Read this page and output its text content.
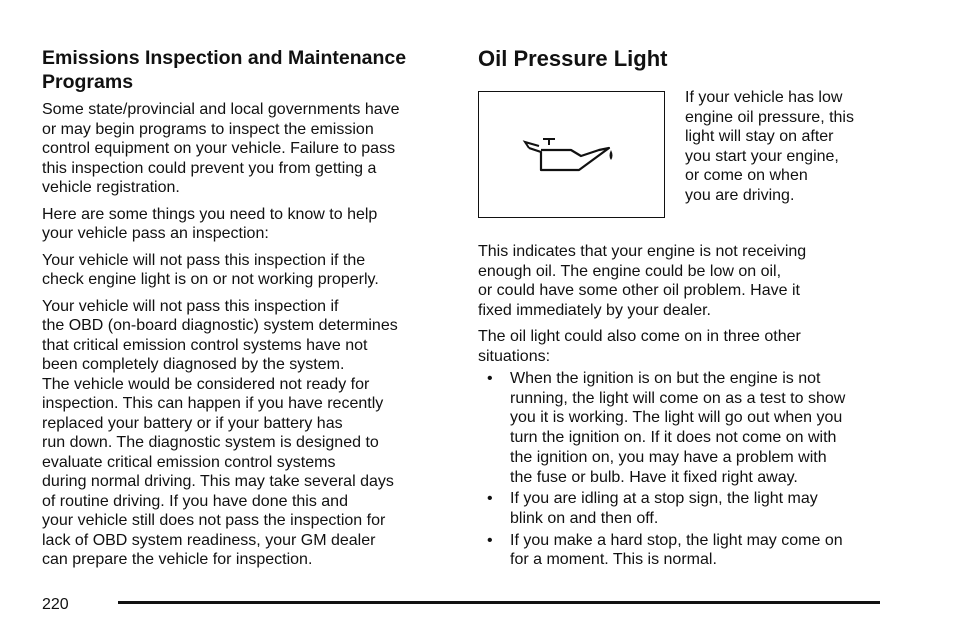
Emissions Inspection and Maintenance
Programs

Some state/provincial and local governments have
or may begin programs to inspect the emission
control equipment on your vehicle. Failure to pass
this inspection could prevent you from getting a
vehicle registration.

Here are some things you need to know to help
your vehicle pass an inspection:

Your vehicle will not pass this inspection if the
check engine light is on or not working properly.

Your vehicle will not pass this inspection if
the OBD (on-board diagnostic) system determines
that critical emission control systems have not
been completely diagnosed by the system.
The vehicle would be considered not ready for
inspection. This can happen if you have recently
replaced your battery or if your battery has
run down. The diagnostic system is designed to
evaluate critical emission control systems
during normal driving. This may take several days
of routine driving. If you have done this and
your vehicle still does not pass the inspection for
lack of OBD system readiness, your GM dealer
can prepare the vehicle for inspection.

Oil Pressure Light
If your vehicle has low
engine oil pressure, this
light will stay on after
you start your engine,
or come on when
you are driving.

This indicates that your engine is not receiving
enough oil. The engine could be low on oil,
or could have some other oil problem. Have it
fixed immediately by your dealer.

The oil light could also come on in three other
situations:

• When the ignition is on but the engine is not
running, the light will come on as a test to show
you it is working. The light will go out when you
turn the ignition on. If it does not come on with
the ignition on, you may have a problem with
the fuse or bulb. Have it fixed right away.
• If you are idling at a stop sign, the light may
blink on and then off.
• If you make a hard stop, the light may come on
for a moment. This is normal.
220
